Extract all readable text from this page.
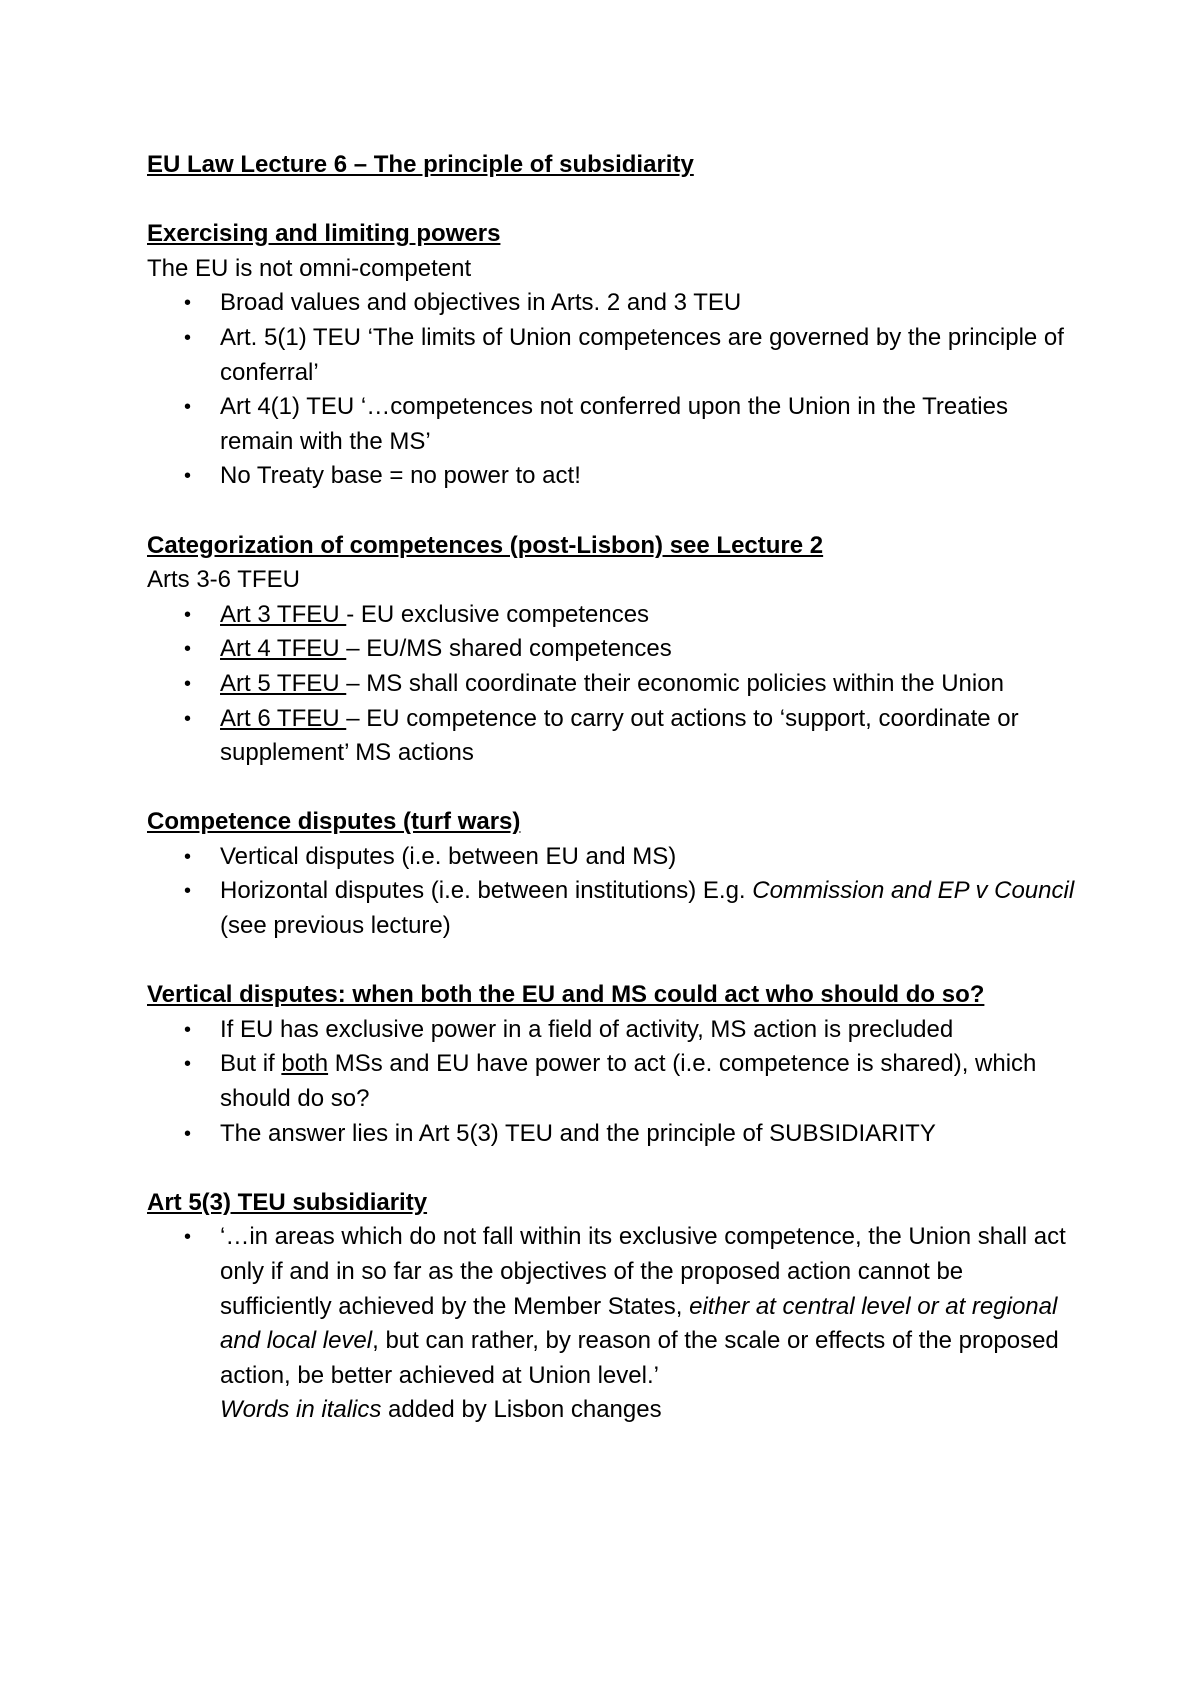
EU Law Lecture 6 – The principle of subsidiarity

Exercising and limiting powers

The EU is not omni-competent

• Broad values and objectives in Arts. 2 and 3 TEU
• Art. 5(1) TEU ‘The limits of Union competences are governed by the principle of conferral’
• Art 4(1) TEU ‘…competences not conferred upon the Union in the Treaties remain with the MS’
• No Treaty base = no power to act!

Categorization of competences (post-Lisbon) see Lecture 2

Arts 3-6 TFEU

• Art 3 TFEU - EU exclusive competences
• Art 4 TFEU – EU/MS shared competences
• Art 5 TFEU – MS shall coordinate their economic policies within the Union
• Art 6 TFEU – EU competence to carry out actions to ‘support, coordinate or supplement’ MS actions

Competence disputes (turf wars)

• Vertical disputes (i.e. between EU and MS)
• Horizontal disputes (i.e. between institutions) E.g. Commission and EP v Council (see previous lecture)

Vertical disputes: when both the EU and MS could act who should do so?

• If EU has exclusive power in a field of activity, MS action is precluded
• But if both MSs and EU have power to act (i.e. competence is shared), which should do so?
• The answer lies in Art 5(3) TEU and the principle of SUBSIDIARITY

Art 5(3) TEU subsidiarity

• ‘…in areas which do not fall within its exclusive competence, the Union shall act only if and in so far as the objectives of the proposed action cannot be sufficiently achieved by the Member States, either at central level or at regional and local level, but can rather, by reason of the scale or effects of the proposed action, be better achieved at Union level.’
Words in italics added by Lisbon changes
